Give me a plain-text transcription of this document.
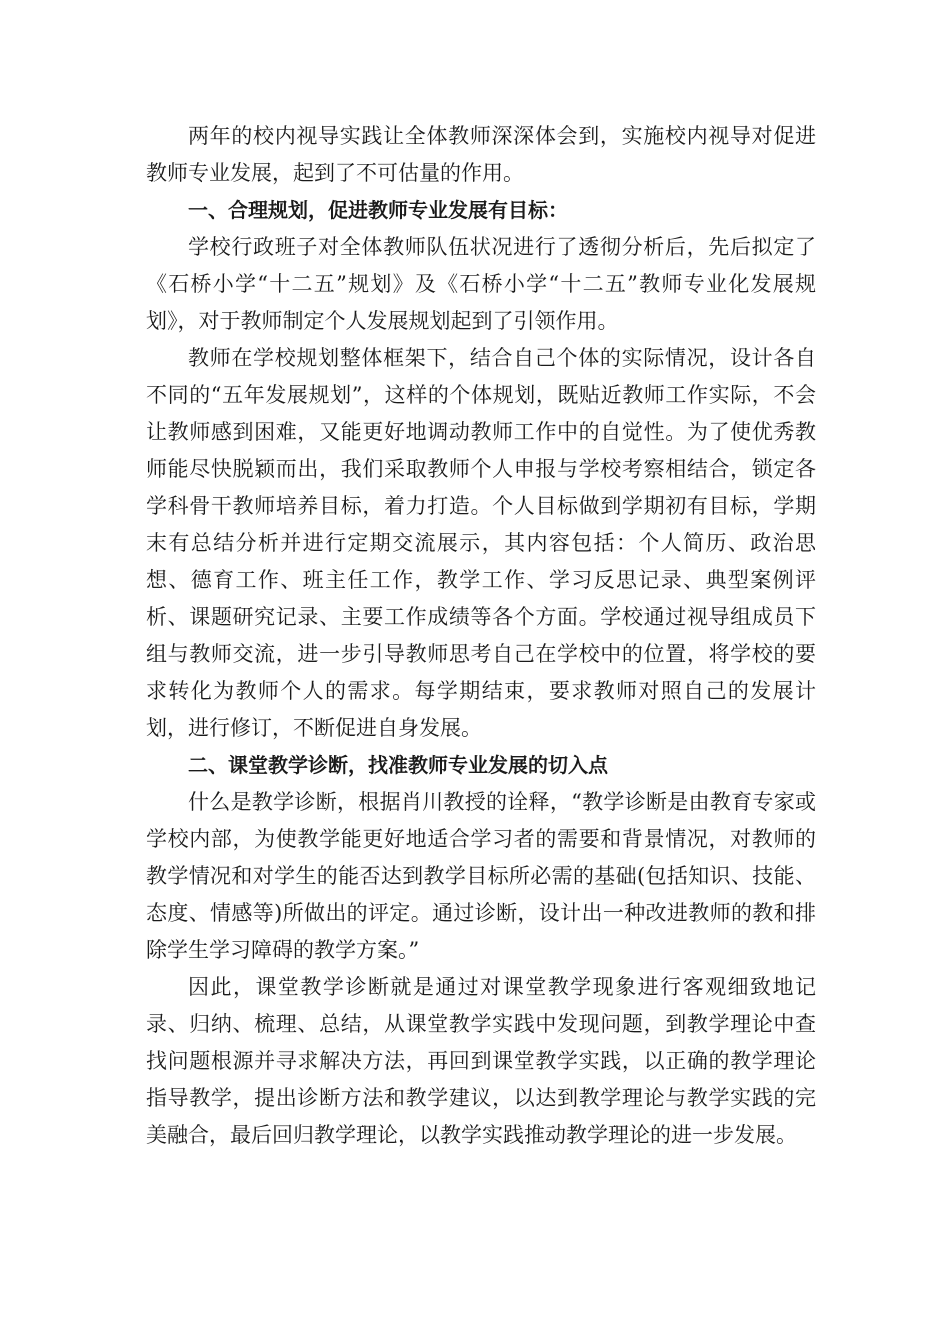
两年的校内视导实践让全体教师深深体会到，实施校内视导对促进教师专业发展，起到了不可估量的作用。

一、合理规划，促进教师专业发展有目标：

学校行政班子对全体教师队伍状况进行了透彻分析后，先后拟定了《石桥小学“十二五”规划》及《石桥小学“十二五”教师专业化发展规划》，对于教师制定个人发展规划起到了引领作用。

教师在学校规划整体框架下，结合自己个体的实际情况，设计各自不同的“五年发展规划”，这样的个体规划，既贴近教师工作实际，不会让教师感到困难，又能更好地调动教师工作中的自觉性。为了使优秀教师能尽快脱颖而出，我们采取教师个人申报与学校考察相结合，锁定各学科骨干教师培养目标，着力打造。个人目标做到学期初有目标，学期末有总结分析并进行定期交流展示，其内容包括：个人简历、政治思想、德育工作、班主任工作，教学工作、学习反思记录、典型案例评析、课题研究记录、主要工作成绩等各个方面。学校通过视导组成员下组与教师交流，进一步引导教师思考自己在学校中的位置，将学校的要求转化为教师个人的需求。每学期结束，要求教师对照自己的发展计划，进行修订，不断促进自身发展。

二、课堂教学诊断，找准教师专业发展的切入点

什么是教学诊断，根据肖川教授的诠释，“教学诊断是由教育专家或学校内部，为使教学能更好地适合学习者的需要和背景情况，对教师的教学情况和对学生的能否达到教学目标所必需的基础(包括知识、技能、态度、情感等)所做出的评定。通过诊断，设计出一种改进教师的教和排除学生学习障碍的教学方案。”

因此，课堂教学诊断就是通过对课堂教学现象进行客观细致地记录、归纳、梳理、总结，从课堂教学实践中发现问题，到教学理论中查找问题根源并寻求解决方法，再回到课堂教学实践，以正确的教学理论指导教学，提出诊断方法和教学建议，以达到教学理论与教学实践的完美融合，最后回归教学理论，以教学实践推动教学理论的进一步发展。
